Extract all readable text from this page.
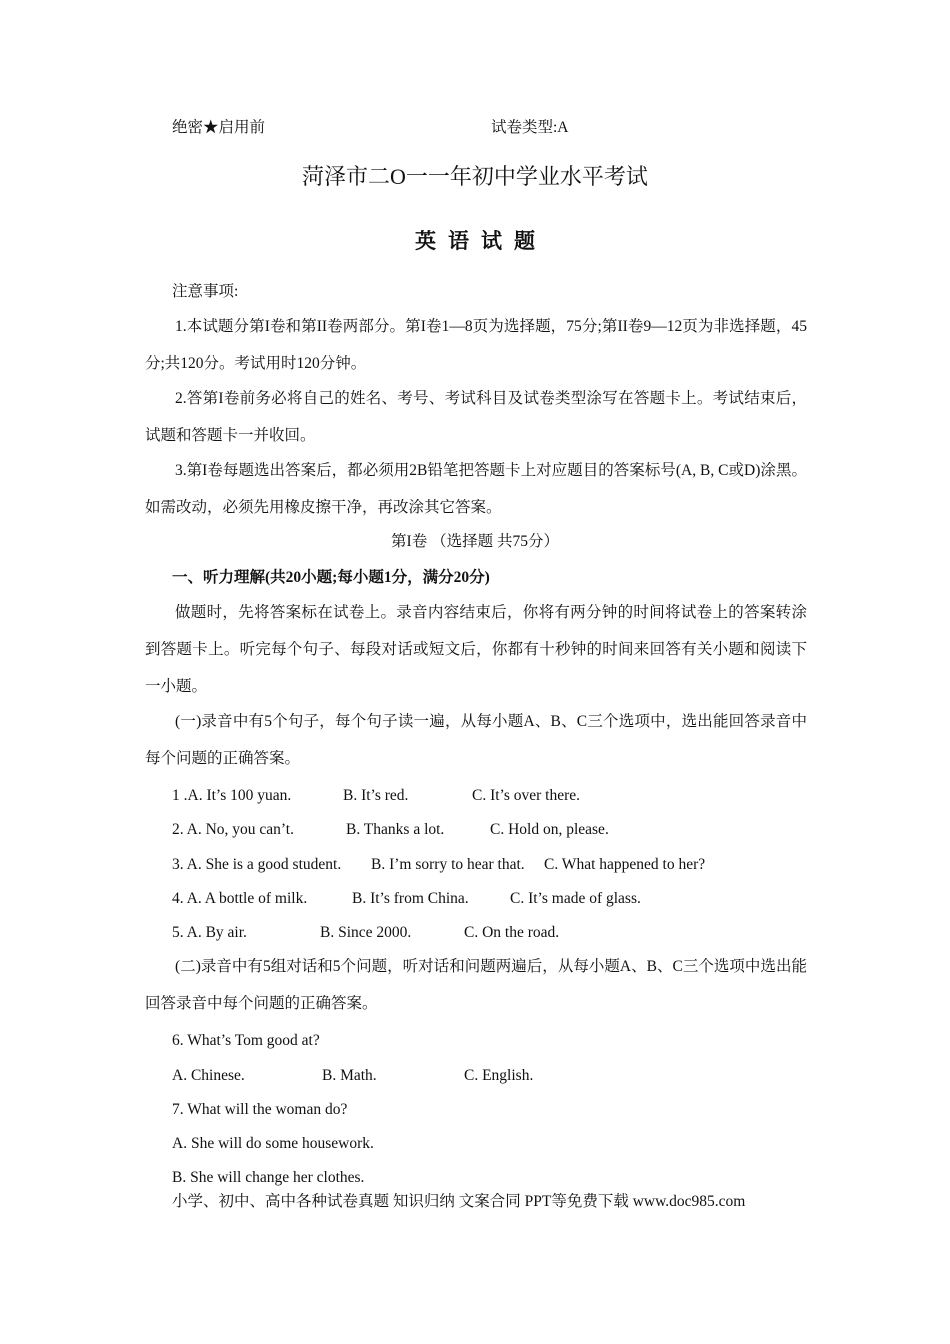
绝密★启用前	试卷类型:A
菏泽市二O一一年初中学业水平考试
英语试题
注意事项:

1.本试题分第I卷和第II卷两部分。第I卷1—8页为选择题，75分;第II卷9—12页为非选择题，45分;共120分。考试用时120分钟。

2.答第I卷前务必将自己的姓名、考号、考试科目及试卷类型涂写在答题卡上。考试结束后，试题和答题卡一并收回。

3.第I卷每题选出答案后，都必须用2B铅笔把答题卡上对应题目的答案标号(A, B, C或D)涂黑。如需改动，必须先用橡皮擦干净，再改涂其它答案。

第I卷 （选择题 共75分）
一、听力理解(共20小题;每小题1分，满分20分)

做题时，先将答案标在试卷上。录音内容结束后，你将有两分钟的时间将试卷上的答案转涂到答题卡上。听完每个句子、每段对话或短文后，你都有十秒钟的时间来回答有关小题和阅读下一小题。

(一)录音中有5个句子，每个句子读一遍，从每小题A、B、C三个选项中，选出能回答录音中每个问题的正确答案。

1 .A. It’s 100 yuan.	B. It’s red.	C. It’s over there.
2. A. No, you can’t.	B. Thanks a lot.	C. Hold on, please.
3. A. She is a good student. B. I’m sorry to hear that. C. What happened to her?
4. A. A bottle of milk.	B. It’s from China.	C. It’s made of glass.
5. A. By air.	B. Since 2000.	C. On the road.

(二)录音中有5组对话和5个问题，听对话和问题两遍后，从每小题A、B、C三个选项中选出能回答录音中每个问题的正确答案。

6. What’s Tom good at?
A. Chinese.	B. Math.	C. English.
7. What will the woman do?
A. She will do some housework.
B. She will change her clothes.
小学、初中、高中各种试卷真题 知识归纳 文案合同 PPT等免费下载 www.doc985.com
